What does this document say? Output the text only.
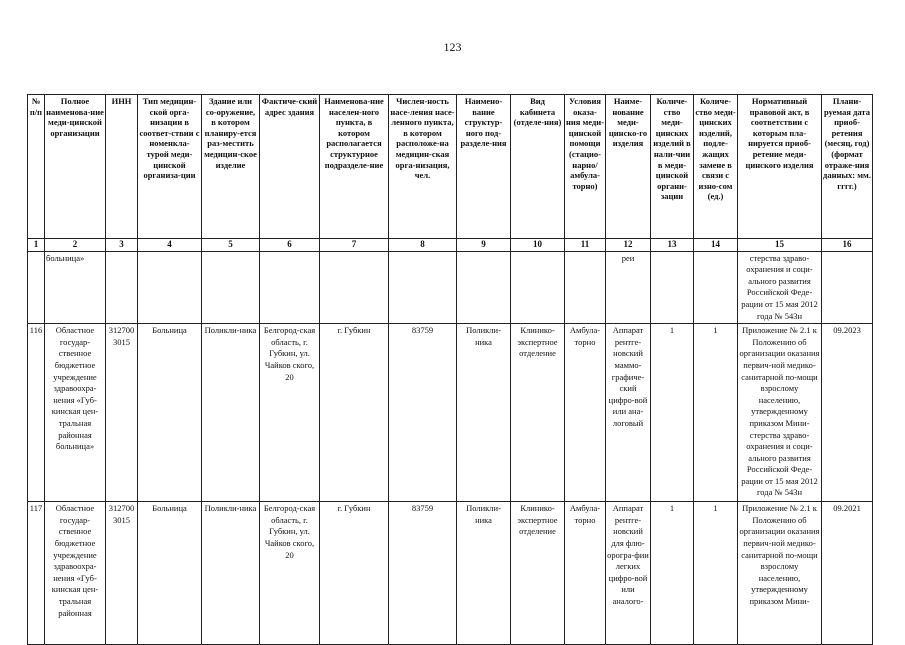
123
№ п/п	Полное наименова-ние меди-цинской организации	ИНН	Тип медицин-ской орга-низации в соответ-ствии с номенкла-турой меди-цинской организа-ции	Здание или со-оружение, в котором планиру-ется раз-местить медицин-ское изделие	Фактиче-ский адрес здания	Наименова-ние населен-ного пункта, в котором располагается структурное подразделе-ние	Числен-ность насе-ления насе-ленного пункта, в котором расположе-на медицин-ская орга-низация, чел.	Наимено-вание структур-ного под-разделе-ния	Вид кабинета (отделе-ния)	Условия оказа-ния меди-цинской помощи (стацио-нарно/ амбула-торно)	Наиме-нование меди-цинско-го изделия	Количе-ство меди-цинских изделий в нали-чии в меди-цинской органи-зации	Количе-ство меди-цинских изделий, подле-жащих замене в связи с изно-сом (ед.)	Нормативный правовой акт, в соответствии с которым пла-нируется приоб-ретение меди-цинского изделия	Плани-руемая дата приоб-ретения (месяц, год) (формат отраже-ния данных: мм. гггг.)
1	2	3	4	5	6	7	8	9	10	11	12	13	14	15	16
	больница»										реи			стерства здраво-охранения и соци-ального развития Российской Феде-рации от 15 мая 2012 года № 543н	
116	Областное госудaр-ственное бюджетное учреждение здравоохра-нения «Губ-кинская цен-тральная районная больница»	312700 3015	Больница	Поликли-ника	Белгород-ская область, г. Губкин, ул. Чайков ского, 20	г. Губкин	83759	Поликли-ника	Клинико-экспертное отделение	Амбула-торно	Аппарат рентге-новский маммо-графиче-ский цифро-вой или ана-логовый	1	1	Приложение № 2.1 к Положению об организации оказания первич-ной медико-санитарной по-мощи взрослому населению, утвержденному приказом Мини-стерства здраво-охранения и соци-ального развития Российской Феде-рации от 15 мая 2012 года № 543н	09.2023
117	Областное государ-ственное бюджетное учреждение здравоохра-нения «Губ-кинская цен-тральная районная	312700 3015	Больница	Поликли-ника	Белгород-ская область, г. Губкин, ул. Чайков ского, 20	г. Губкин	83759	Поликли-ника	Клинико-экспертное отделение	Амбула-торно	Аппарат рентге-новский для флю-орогра-фии легких цифро-вой или аналого-	1	1	Приложение № 2.1 к Положению об организации оказания первич-ной медико-санитарной по-мощи взрослому населению, утвержденному приказом Мини-	09.2021
